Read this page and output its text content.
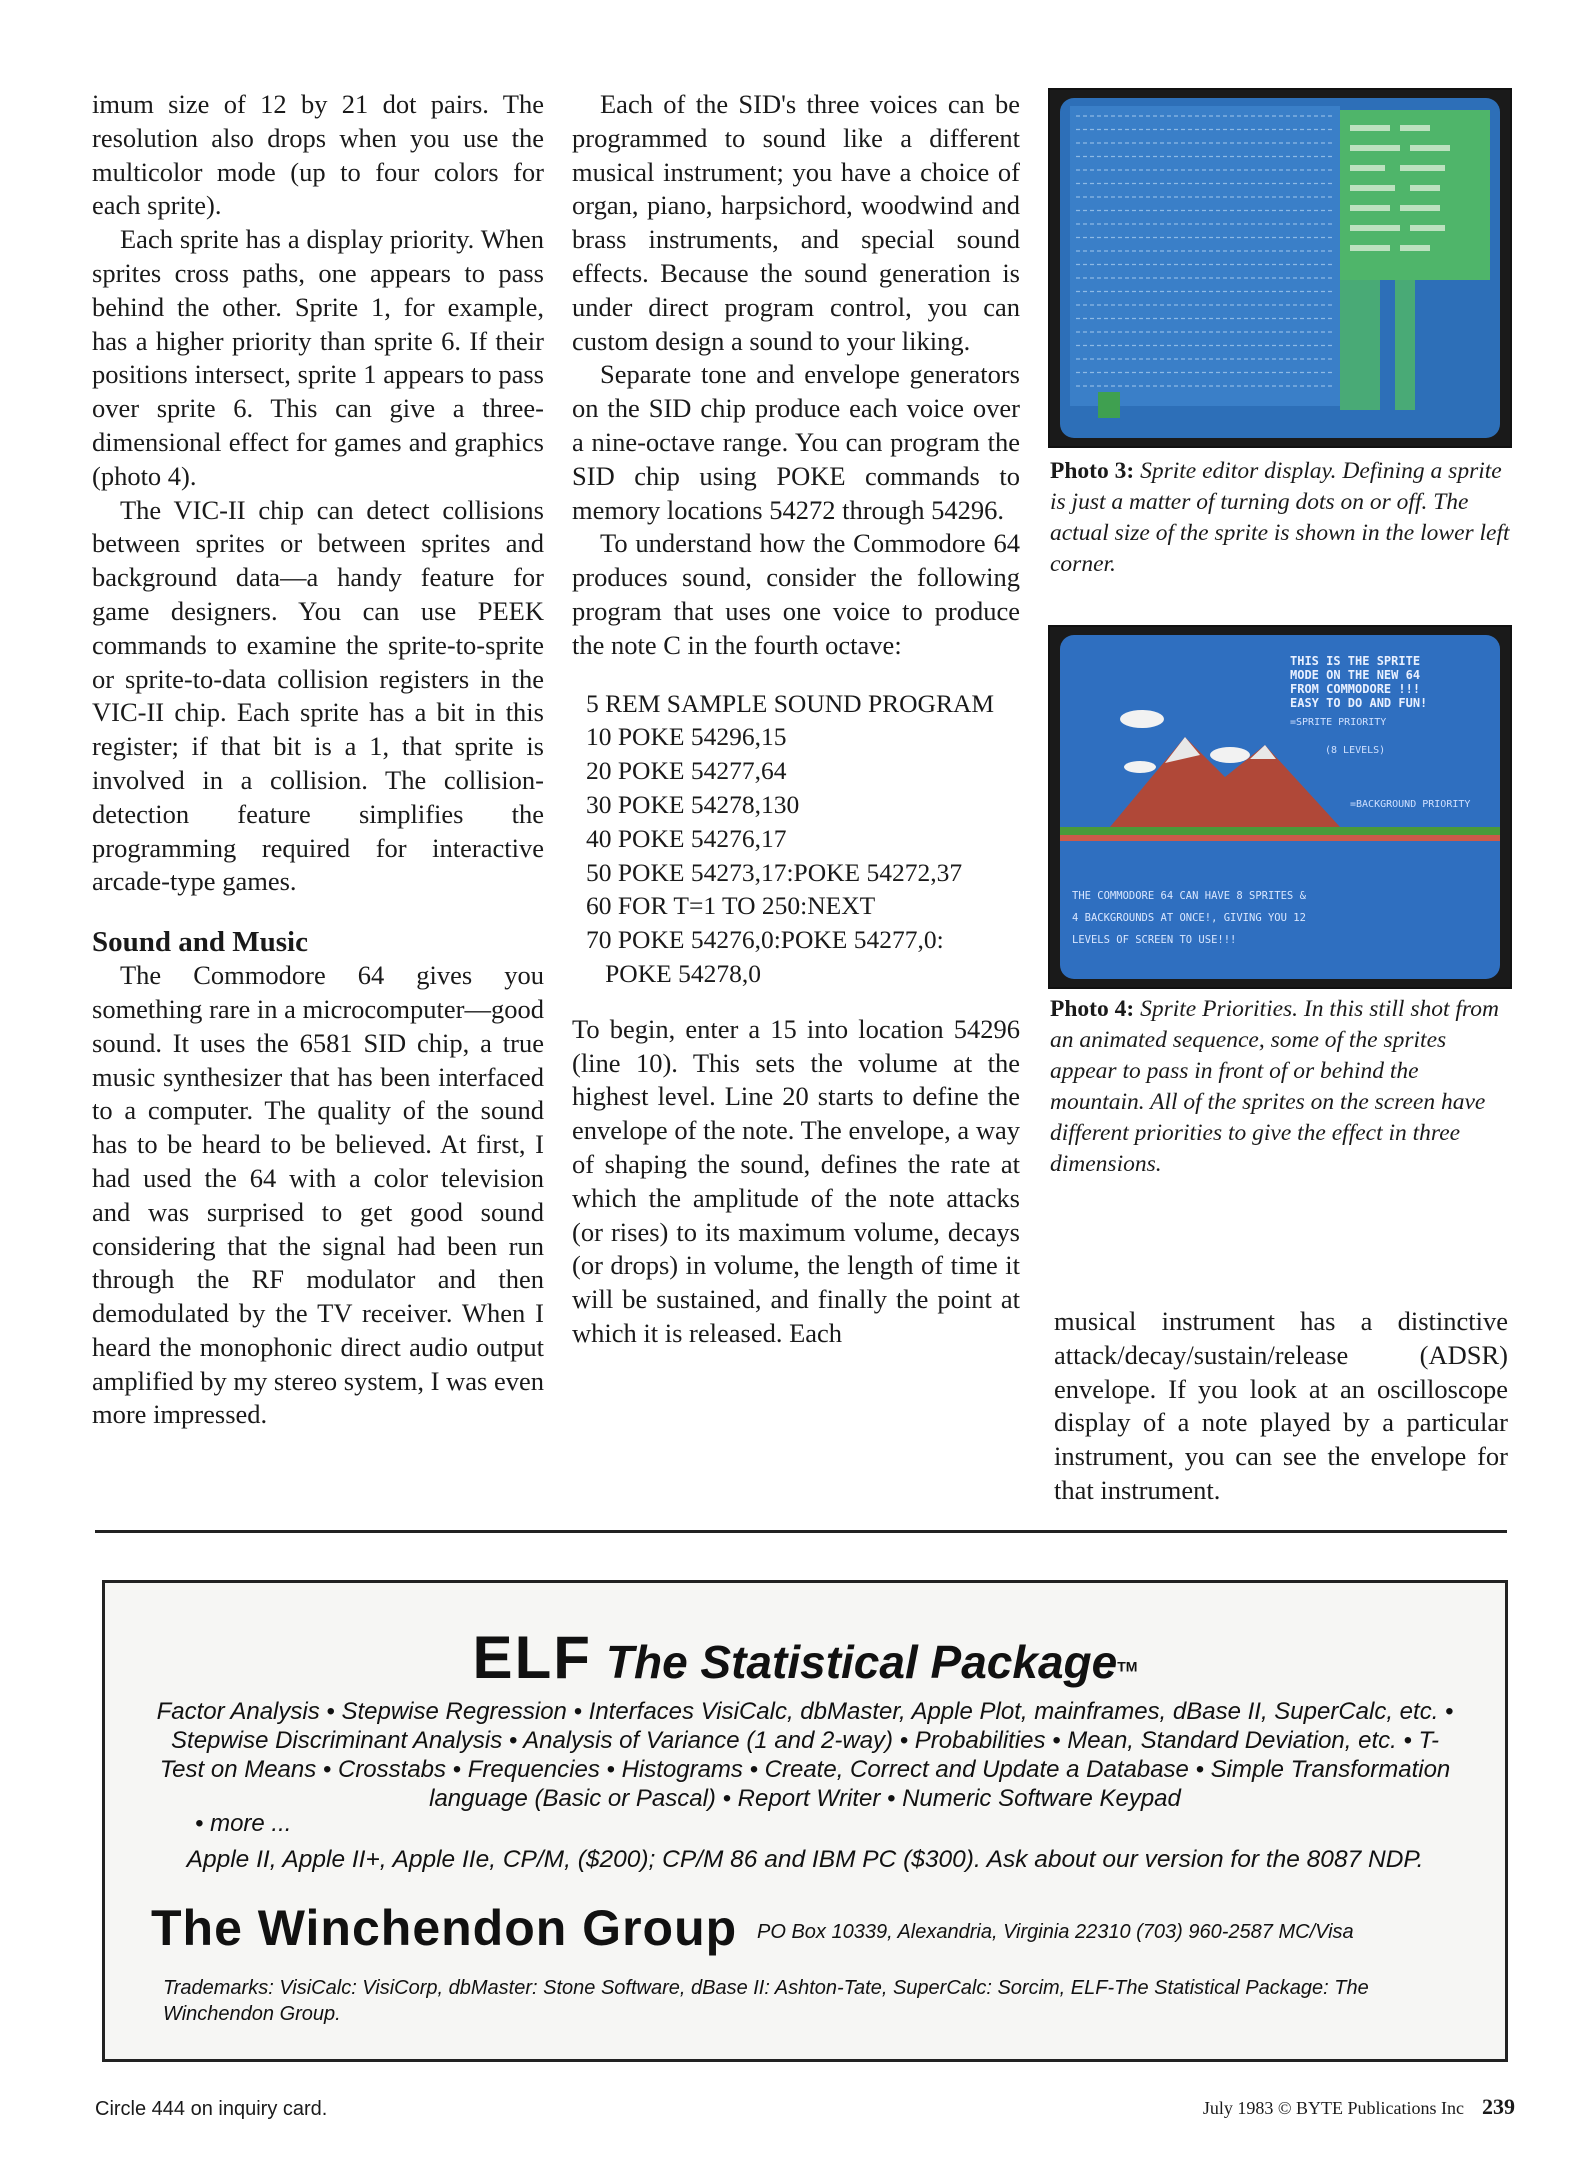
imum size of 12 by 21 dot pairs. The resolution also drops when you use the multicolor mode (up to four colors for each sprite).

Each sprite has a display priority. When sprites cross paths, one appears to pass behind the other. Sprite 1, for example, has a higher priority than sprite 6. If their positions intersect, sprite 1 appears to pass over sprite 6. This can give a three-dimensional effect for games and graphics (photo 4).

The VIC-II chip can detect collisions between sprites or between sprites and background data—a handy feature for game designers. You can use PEEK commands to examine the sprite-to-sprite or sprite-to-data collision registers in the VIC-II chip. Each sprite has a bit in this register; if that bit is a 1, that sprite is involved in a collision. The collision-detection feature simplifies the programming required for interactive arcade-type games.

Sound and Music

The Commodore 64 gives you something rare in a microcomputer—good sound. It uses the 6581 SID chip, a true music synthesizer that has been interfaced to a computer. The quality of the sound has to be heard to be believed. At first, I had used the 64 with a color television and was surprised to get good sound considering that the signal had been run through the RF modulator and then demodulated by the TV receiver. When I heard the monophonic direct audio output amplified by my stereo system, I was even more impressed.

Each of the SID's three voices can be programmed to sound like a different musical instrument; you have a choice of organ, piano, harpsichord, woodwind and brass instruments, and special sound effects. Because the sound generation is under direct program control, you can custom design a sound to your liking.

Separate tone and envelope generators on the SID chip produce each voice over a nine-octave range. You can program the SID chip using POKE commands to memory locations 54272 through 54296.

To understand how the Commodore 64 produces sound, consider the following program that uses one voice to produce the note C in the fourth octave:

5 REM SAMPLE SOUND PROGRAM
10 POKE 54296,15
20 POKE 54277,64
30 POKE 54278,130
40 POKE 54276,17
50 POKE 54273,17:POKE 54272,37
60 FOR T=1 TO 250:NEXT
70 POKE 54276,0:POKE 54277,0:
POKE 54278,0

To begin, enter a 15 into location 54296 (line 10). This sets the volume at the highest level. Line 20 starts to define the envelope of the note. The envelope, a way of shaping the sound, defines the rate at which the amplitude of the note attacks (or rises) to its maximum volume, decays (or drops) in volume, the length of time it will be sustained, and finally the point at which it is released. Each

Photo 3: Sprite editor display. Defining a sprite is just a matter of turning dots on or off. The actual size of the sprite is shown in the lower left corner.
THIS IS THE SPRITE
MODE ON THE NEW 64
FROM COMMODORE !!!
EASY TO DO AND FUN!
=SPRITE PRIORITY
(8 LEVELS)
=BACKGROUND PRIORITY
THE COMMODORE 64 CAN HAVE 8 SPRITES &
4 BACKGROUNDS AT ONCE!, GIVING YOU 12
LEVELS OF SCREEN TO USE!!!
Photo 4: Sprite Priorities. In this still shot from an animated sequence, some of the sprites appear to pass in front of or behind the mountain. All of the sprites on the screen have different priorities to give the effect in three dimensions.
musical instrument has a distinctive attack/decay/sustain/release (ADSR) envelope. If you look at an oscilloscope display of a note played by a particular instrument, you can see the envelope for that instrument.
ELF The Statistical PackageTM
Factor Analysis • Stepwise Regression • Interfaces VisiCalc, dbMaster, Apple Plot, mainframes, dBase II, SuperCalc, etc. • Stepwise Discriminant Analysis • Analysis of Variance (1 and 2-way) • Probabilities • Mean, Standard Deviation, etc. • T-Test on Means • Crosstabs • Frequencies • Histograms • Create, Correct and Update a Database • Simple Transformation language (Basic or Pascal) • Report Writer • Numeric Software Keypad
• more ...
Apple II, Apple II+, Apple IIe, CP/M, ($200); CP/M 86 and IBM PC ($300). Ask about our version for the 8087 NDP.
The Winchendon Group PO Box 10339, Alexandria, Virginia 22310 (703) 960-2587 MC/Visa
Trademarks: VisiCalc: VisiCorp, dbMaster: Stone Software, dBase II: Ashton-Tate, SuperCalc: Sorcim, ELF-The Statistical Package: The Winchendon Group.
Circle 444 on inquiry card.	July 1983 © BYTE Publications Inc 239
